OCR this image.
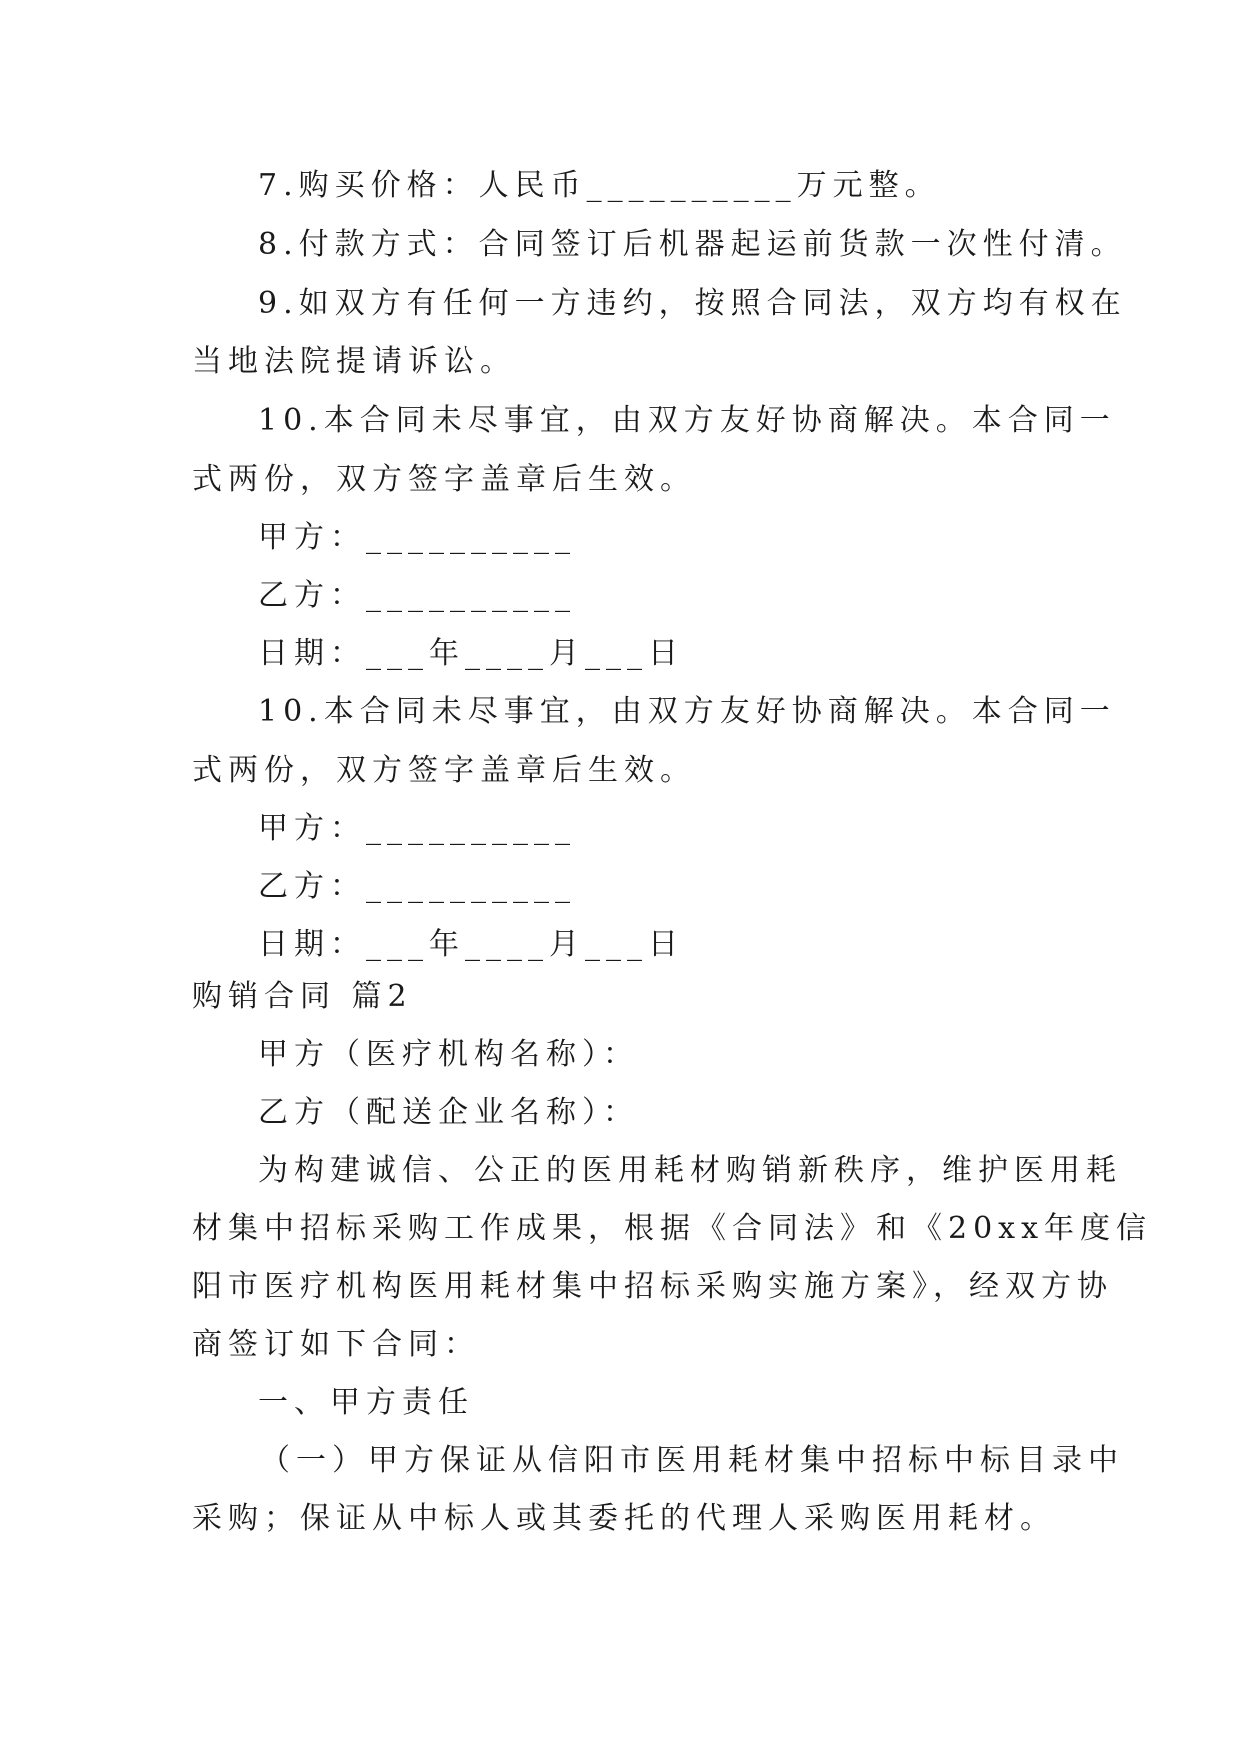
7.购买价格：人民币__________万元整。
8.付款方式：合同签订后机器起运前货款一次性付清。
9.如双方有任何一方违约，按照合同法，双方均有权在
当地法院提请诉讼。
10.本合同未尽事宜，由双方友好协商解决。本合同一
式两份，双方签字盖章后生效。
甲方：__________
乙方：__________
日期：___年____月___日
10.本合同未尽事宜，由双方友好协商解决。本合同一
式两份，双方签字盖章后生效。
甲方：__________
乙方：__________
日期：___年____月___日
购销合同 篇2
甲方（医疗机构名称）：
乙方（配送企业名称）：
为构建诚信、公正的医用耗材购销新秩序，维护医用耗
材集中招标采购工作成果，根据《合同法》和《20xx年度信
阳市医疗机构医用耗材集中招标采购实施方案》，经双方协
商签订如下合同：
一、甲方责任
（一）甲方保证从信阳市医用耗材集中招标中标目录中
采购；保证从中标人或其委托的代理人采购医用耗材。
